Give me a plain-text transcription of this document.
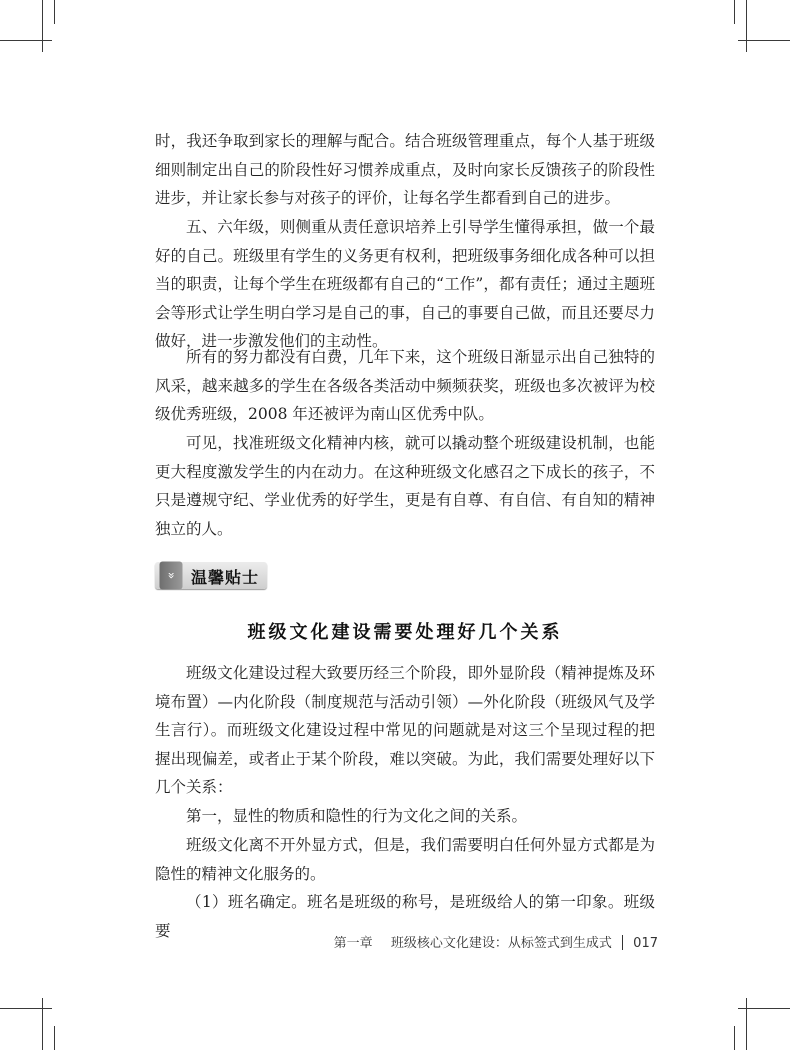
时，我还争取到家长的理解与配合。结合班级管理重点，每个人基于班级细则制定出自己的阶段性好习惯养成重点，及时向家长反馈孩子的阶段性进步，并让家长参与对孩子的评价，让每名学生都看到自己的进步。

五、六年级，则侧重从责任意识培养上引导学生懂得承担，做一个最好的自己。班级里有学生的义务更有权利，把班级事务细化成各种可以担当的职责，让每个学生在班级都有自己的“工作”，都有责任；通过主题班会等形式让学生明白学习是自己的事，自己的事要自己做，而且还要尽力做好，进一步激发他们的主动性。

所有的努力都没有白费，几年下来，这个班级日渐显示出自己独特的风采，越来越多的学生在各级各类活动中频频获奖，班级也多次被评为校级优秀班级，2008 年还被评为南山区优秀中队。

可见，找准班级文化精神内核，就可以撬动整个班级建设机制，也能更大程度激发学生的内在动力。在这种班级文化感召之下成长的孩子，不只是遵规守纪、学业优秀的好学生，更是有自尊、有自信、有自知的精神独立的人。

» 温馨贴士
班级文化建设需要处理好几个关系

班级文化建设过程大致要历经三个阶段，即外显阶段（精神提炼及环境布置）—内化阶段（制度规范与活动引领）—外化阶段（班级风气及学生言行）。而班级文化建设过程中常见的问题就是对这三个呈现过程的把握出现偏差，或者止于某个阶段，难以突破。为此，我们需要处理好以下几个关系：

第一，显性的物质和隐性的行为文化之间的关系。

班级文化离不开外显方式，但是，我们需要明白任何外显方式都是为隐性的精神文化服务的。

（1）班名确定。班名是班级的称号，是班级给人的第一印象。班级要

第一章 班级核心文化建设：从标签式到生成式 017
